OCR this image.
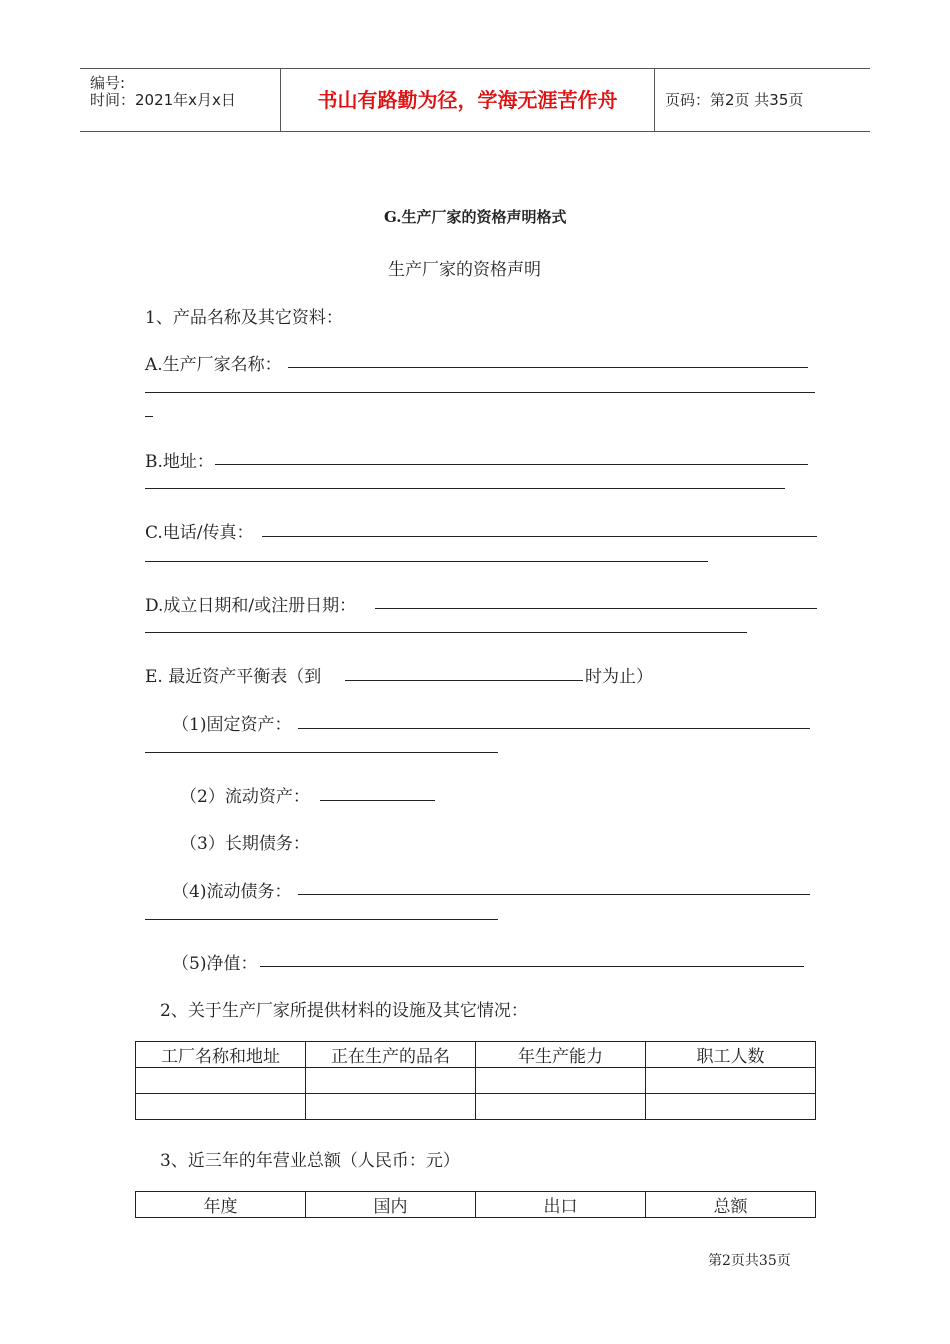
编号:
时间：2021年x月x日	书山有路勤为径，学海无涯苦作舟	页码：第2页 共35页
G.生产厂家的资格声明格式
生产厂家的资格声明
1、产品名称及其它资料：
A.生产厂家名称：
B.地址：
C.电话/传真：
D.成立日期和/或注册日期：
E. 最近资产平衡表（到	时为止）
（1)固定资产：
（2）流动资产：
（3）长期债务：
（4)流动债务：
（5)净值：
2、关于生产厂家所提供材料的设施及其它情况：
工厂名称和地址	正在生产的品名	年生产能力	职工人数

3、近三年的年营业总额（人民币：元）
年度	国内	出口	总额
第2页共35页
